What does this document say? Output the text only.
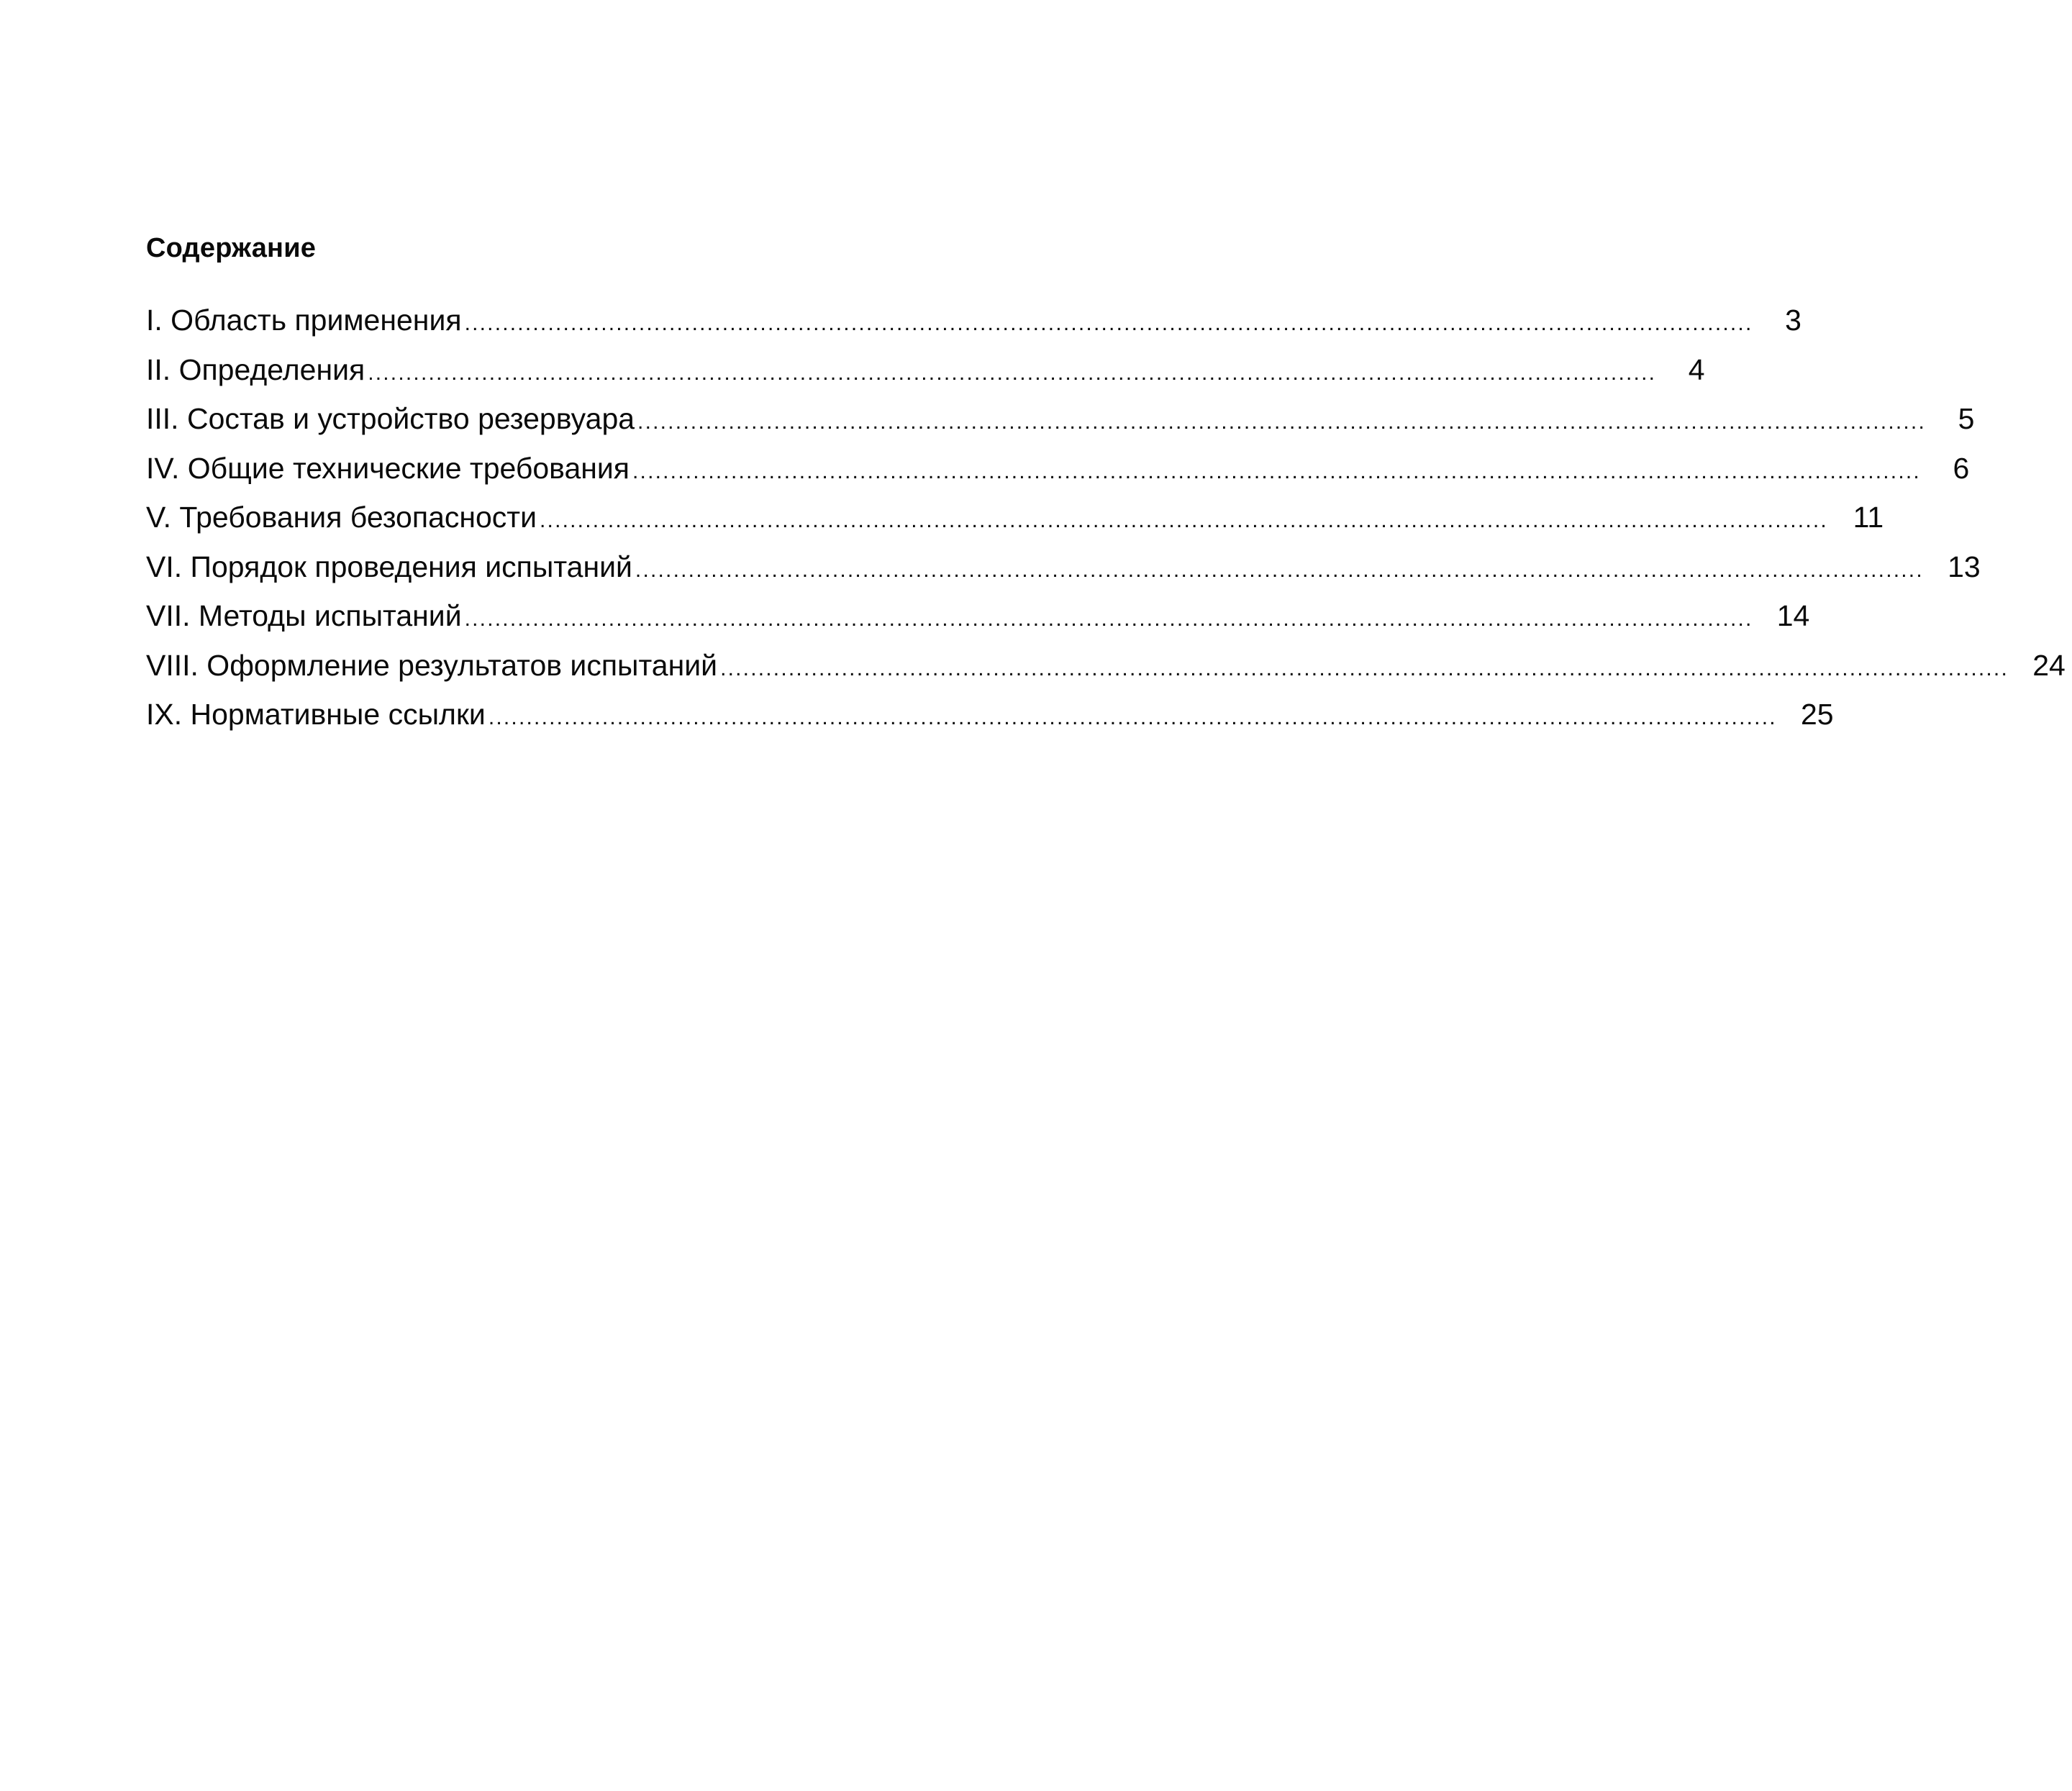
Содержание
I. Область применения ..........................................................................................................................................................................	3
II. Определения ..........................................................................................................................................................................	4
III. Состав и устройство резервуара ..........................................................................................................................................................................	5
IV. Общие технические требования ..........................................................................................................................................................................	6
V. Требования безопасности .......................................................................................................................................................................... 11
VI. Порядок проведения испытаний .......................................................................................................................................................................... 13
VII. Методы испытаний .......................................................................................................................................................................... 14
VIII. Оформление результатов испытаний .......................................................................................................................................................................... 24
IX. Нормативные ссылки .......................................................................................................................................................................... 25
